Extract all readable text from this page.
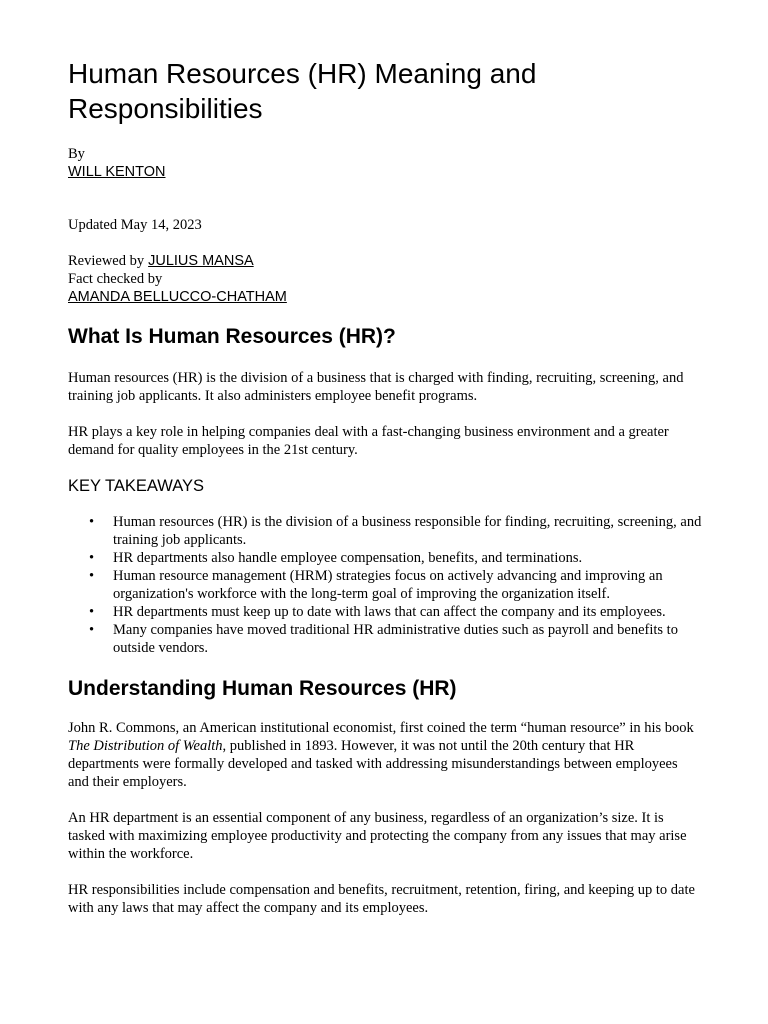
Human Resources (HR) Meaning and Responsibilities
By
WILL KENTON
Updated May 14, 2023
Reviewed by JULIUS MANSA
Fact checked by
AMANDA BELLUCCO-CHATHAM
What Is Human Resources (HR)?

Human resources (HR) is the division of a business that is charged with finding, recruiting, screening, and training job applicants. It also administers employee benefit programs.

HR plays a key role in helping companies deal with a fast-changing business environment and a greater demand for quality employees in the 21st century.

KEY TAKEAWAYS
• Human resources (HR) is the division of a business responsible for finding, recruiting, screening, and training job applicants.
• HR departments also handle employee compensation, benefits, and terminations.
• Human resource management (HRM) strategies focus on actively advancing and improving an organization's workforce with the long-term goal of improving the organization itself.
• HR departments must keep up to date with laws that can affect the company and its employees.
• Many companies have moved traditional HR administrative duties such as payroll and benefits to outside vendors.
Understanding Human Resources (HR)

John R. Commons, an American institutional economist, first coined the term “human resource” in his book The Distribution of Wealth, published in 1893. However, it was not until the 20th century that HR departments were formally developed and tasked with addressing misunderstandings between employees and their employers.

An HR department is an essential component of any business, regardless of an organization’s size. It is tasked with maximizing employee productivity and protecting the company from any issues that may arise within the workforce.

HR responsibilities include compensation and benefits, recruitment, retention, firing, and keeping up to date with any laws that may affect the company and its employees.
